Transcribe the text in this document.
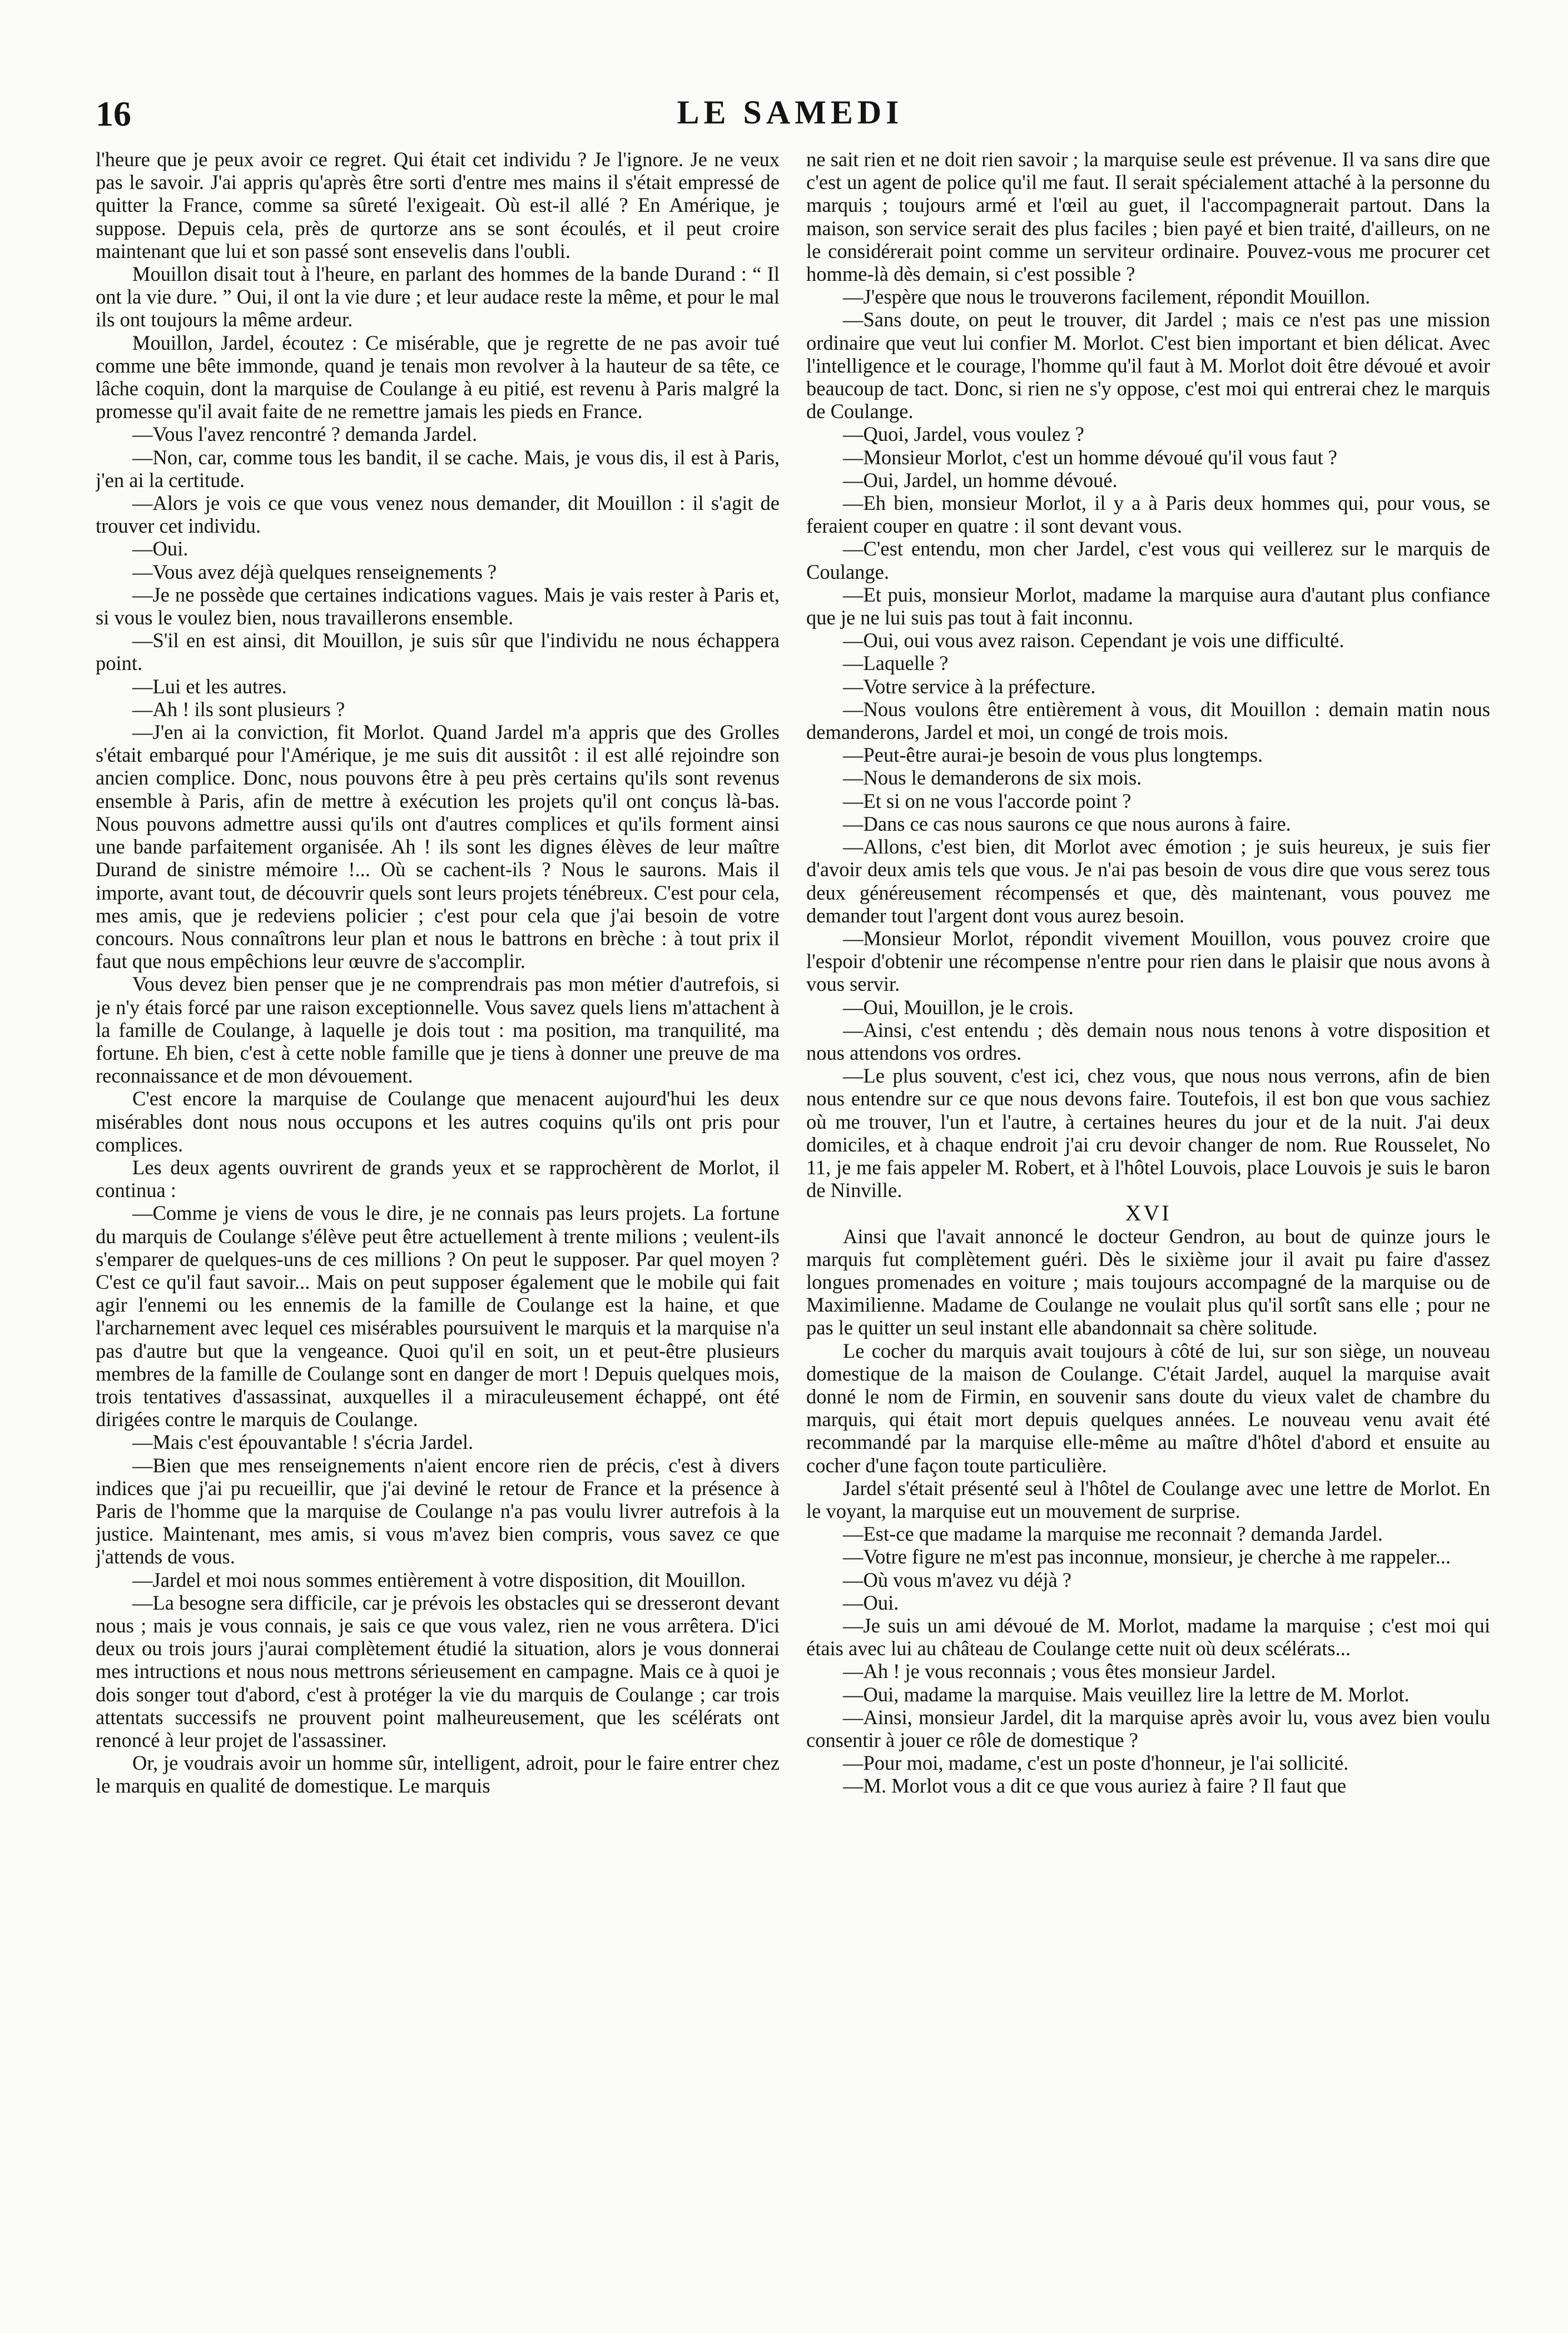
16	LE SAMEDI

l'heure que je peux avoir ce regret. Qui était cet individu ? Je l'ignore. Je ne veux pas le savoir. J'ai appris qu'après être sorti d'entre mes mains il s'était empressé de quitter la France, comme sa sûreté l'exigeait. Où est-il allé ? En Amérique, je suppose. Depuis cela, près de qurtorze ans se sont écoulés, et il peut croire maintenant que lui et son passé sont ensevelis dans l'oubli.

Mouillon disait tout à l'heure, en parlant des hommes de la bande Durand : “ Il ont la vie dure. ” Oui, il ont la vie dure ; et leur audace reste la même, et pour le mal ils ont toujours la même ardeur.

Mouillon, Jardel, écoutez : Ce misérable, que je regrette de ne pas avoir tué comme une bête immonde, quand je tenais mon revolver à la hauteur de sa tête, ce lâche coquin, dont la marquise de Coulange à eu pitié, est revenu à Paris malgré la promesse qu'il avait faite de ne remettre jamais les pieds en France.

—Vous l'avez rencontré ? demanda Jardel.

—Non, car, comme tous les bandit, il se cache. Mais, je vous dis, il est à Paris, j'en ai la certitude.

—Alors je vois ce que vous venez nous demander, dit Mouillon : il s'agit de trouver cet individu.

—Oui.

—Vous avez déjà quelques renseignements ?

—Je ne possède que certaines indications vagues. Mais je vais rester à Paris et, si vous le voulez bien, nous travaillerons ensemble.

—S'il en est ainsi, dit Mouillon, je suis sûr que l'individu ne nous échappera point.

—Lui et les autres.

—Ah ! ils sont plusieurs ?

—J'en ai la conviction, fit Morlot. Quand Jardel m'a appris que des Grolles s'était embarqué pour l'Amérique, je me suis dit aussitôt : il est allé rejoindre son ancien complice. Donc, nous pouvons être à peu près certains qu'ils sont revenus ensemble à Paris, afin de mettre à exécution les projets qu'il ont conçus là-bas. Nous pouvons admettre aussi qu'ils ont d'autres complices et qu'ils forment ainsi une bande parfaitement organisée. Ah ! ils sont les dignes élèves de leur maître Durand de sinistre mémoire !... Où se cachent-ils ? Nous le saurons. Mais il importe, avant tout, de découvrir quels sont leurs projets ténébreux. C'est pour cela, mes amis, que je redeviens policier ; c'est pour cela que j'ai besoin de votre concours. Nous connaîtrons leur plan et nous le battrons en brèche : à tout prix il faut que nous empêchions leur œuvre de s'accomplir.

Vous devez bien penser que je ne comprendrais pas mon métier d'autrefois, si je n'y étais forcé par une raison exceptionnelle. Vous savez quels liens m'attachent à la famille de Coulange, à laquelle je dois tout : ma position, ma tranquilité, ma fortune. Eh bien, c'est à cette noble famille que je tiens à donner une preuve de ma reconnaissance et de mon dévouement.

C'est encore la marquise de Coulange que menacent aujourd'hui les deux misérables dont nous nous occupons et les autres coquins qu'ils ont pris pour complices.

Les deux agents ouvrirent de grands yeux et se rapprochèrent de Morlot, il continua :

—Comme je viens de vous le dire, je ne connais pas leurs projets. La fortune du marquis de Coulange s'élève peut être actuellement à trente milions ; veulent-ils s'emparer de quelques-uns de ces millions ? On peut le supposer. Par quel moyen ? C'est ce qu'il faut savoir... Mais on peut supposer également que le mobile qui fait agir l'ennemi ou les ennemis de la famille de Coulange est la haine, et que l'archarnement avec lequel ces misérables poursuivent le marquis et la marquise n'a pas d'autre but que la vengeance. Quoi qu'il en soit, un et peut-être plusieurs membres de la famille de Coulange sont en danger de mort ! Depuis quelques mois, trois tentatives d'assassinat, auxquelles il a miraculeusement échappé, ont été dirigées contre le marquis de Coulange.

—Mais c'est épouvantable ! s'écria Jardel.

—Bien que mes renseignements n'aient encore rien de précis, c'est à divers indices que j'ai pu recueillir, que j'ai deviné le retour de France et la présence à Paris de l'homme que la marquise de Coulange n'a pas voulu livrer autrefois à la justice. Maintenant, mes amis, si vous m'avez bien compris, vous savez ce que j'attends de vous.

—Jardel et moi nous sommes entièrement à votre disposition, dit Mouillon.

—La besogne sera difficile, car je prévois les obstacles qui se dresseront devant nous ; mais je vous connais, je sais ce que vous valez, rien ne vous arrêtera. D'ici deux ou trois jours j'aurai complètement étudié la situation, alors je vous donnerai mes intructions et nous nous mettrons sérieusement en campagne. Mais ce à quoi je dois songer tout d'abord, c'est à protéger la vie du marquis de Coulange ; car trois attentats successifs ne prouvent point malheureusement, que les scélérats ont renoncé à leur projet de l'assassiner.

Or, je voudrais avoir un homme sûr, intelligent, adroit, pour le faire entrer chez le marquis en qualité de domestique. Le marquis

ne sait rien et ne doit rien savoir ; la marquise seule est prévenue. Il va sans dire que c'est un agent de police qu'il me faut. Il serait spécialement attaché à la personne du marquis ; toujours armé et l'œil au guet, il l'accompagnerait partout. Dans la maison, son service serait des plus faciles ; bien payé et bien traité, d'ailleurs, on ne le considérerait point comme un serviteur ordinaire. Pouvez-vous me procurer cet homme-là dès demain, si c'est possible ?

—J'espère que nous le trouverons facilement, répondit Mouillon.

—Sans doute, on peut le trouver, dit Jardel ; mais ce n'est pas une mission ordinaire que veut lui confier M. Morlot. C'est bien important et bien délicat. Avec l'intelligence et le courage, l'homme qu'il faut à M. Morlot doit être dévoué et avoir beaucoup de tact. Donc, si rien ne s'y oppose, c'est moi qui entrerai chez le marquis de Coulange.

—Quoi, Jardel, vous voulez ?

—Monsieur Morlot, c'est un homme dévoué qu'il vous faut ?

—Oui, Jardel, un homme dévoué.

—Eh bien, monsieur Morlot, il y a à Paris deux hommes qui, pour vous, se feraient couper en quatre : il sont devant vous.

—C'est entendu, mon cher Jardel, c'est vous qui veillerez sur le marquis de Coulange.

—Et puis, monsieur Morlot, madame la marquise aura d'autant plus confiance que je ne lui suis pas tout à fait inconnu.

—Oui, oui vous avez raison. Cependant je vois une difficulté.

—Laquelle ?

—Votre service à la préfecture.

—Nous voulons être entièrement à vous, dit Mouillon : demain matin nous demanderons, Jardel et moi, un congé de trois mois.

—Peut-être aurai-je besoin de vous plus longtemps.

—Nous le demanderons de six mois.

—Et si on ne vous l'accorde point ?

—Dans ce cas nous saurons ce que nous aurons à faire.

—Allons, c'est bien, dit Morlot avec émotion ; je suis heureux, je suis fier d'avoir deux amis tels que vous. Je n'ai pas besoin de vous dire que vous serez tous deux généreusement récompensés et que, dès maintenant, vous pouvez me demander tout l'argent dont vous aurez besoin.

—Monsieur Morlot, répondit vivement Mouillon, vous pouvez croire que l'espoir d'obtenir une récompense n'entre pour rien dans le plaisir que nous avons à vous servir.

—Oui, Mouillon, je le crois.

—Ainsi, c'est entendu ; dès demain nous nous tenons à votre disposition et nous attendons vos ordres.

—Le plus souvent, c'est ici, chez vous, que nous nous verrons, afin de bien nous entendre sur ce que nous devons faire. Toutefois, il est bon que vous sachiez où me trouver, l'un et l'autre, à certaines heures du jour et de la nuit. J'ai deux domiciles, et à chaque endroit j'ai cru devoir changer de nom. Rue Rousselet, No 11, je me fais appeler M. Robert, et à l'hôtel Louvois, place Louvois je suis le baron de Ninville.

XVI

Ainsi que l'avait annoncé le docteur Gendron, au bout de quinze jours le marquis fut complètement guéri. Dès le sixième jour il avait pu faire d'assez longues promenades en voiture ; mais toujours accompagné de la marquise ou de Maximilienne. Madame de Coulange ne voulait plus qu'il sortît sans elle ; pour ne pas le quitter un seul instant elle abandonnait sa chère solitude.

Le cocher du marquis avait toujours à côté de lui, sur son siège, un nouveau domestique de la maison de Coulange. C'était Jardel, auquel la marquise avait donné le nom de Firmin, en souvenir sans doute du vieux valet de chambre du marquis, qui était mort depuis quelques années. Le nouveau venu avait été recommandé par la marquise elle-même au maître d'hôtel d'abord et ensuite au cocher d'une façon toute particulière.

Jardel s'était présenté seul à l'hôtel de Coulange avec une lettre de Morlot. En le voyant, la marquise eut un mouvement de surprise.

—Est-ce que madame la marquise me reconnait ? demanda Jardel.

—Votre figure ne m'est pas inconnue, monsieur, je cherche à me rappeler...

—Où vous m'avez vu déjà ?

—Oui.

—Je suis un ami dévoué de M. Morlot, madame la marquise ; c'est moi qui étais avec lui au château de Coulange cette nuit où deux scélérats...

—Ah ! je vous reconnais ; vous êtes monsieur Jardel.

—Oui, madame la marquise. Mais veuillez lire la lettre de M. Morlot.

—Ainsi, monsieur Jardel, dit la marquise après avoir lu, vous avez bien voulu consentir à jouer ce rôle de domestique ?

—Pour moi, madame, c'est un poste d'honneur, je l'ai sollicité.

—M. Morlot vous a dit ce que vous auriez à faire ? Il faut que
